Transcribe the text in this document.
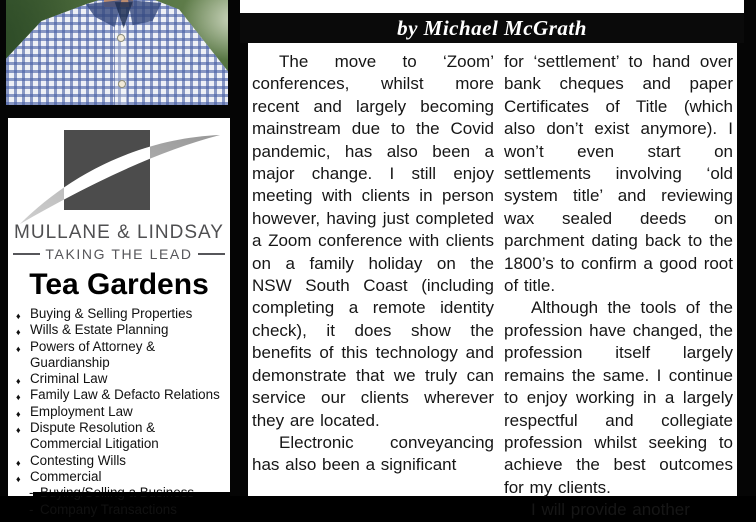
MULLANE & LINDSAY
TAKING THE LEAD
Tea Gardens
♦ Buying & Selling Properties
♦ Wills & Estate Planning
♦ Powers of Attorney & Guardianship
♦ Criminal Law
♦ Family Law & Defacto Relations
♦ Employment Law
♦ Dispute Resolution & Commercial Litigation
♦ Contesting Wills
♦ Commercial
-
- Company Transactions
by Michael McGrath

The move to ‘Zoom’ conferences, whilst more recent and largely becoming mainstream due to the Covid pandemic, has also been a major change. I still enjoy meeting with clients in person however, having just completed a Zoom conference with clients on a family holiday on the NSW South Coast (including completing a remote identity check), it does show the benefits of this technology and demonstrate that we truly can service our clients wherever they are located.

Electronic conveyancing has also been a significant

for ‘settlement’ to hand over bank cheques and paper Certificates of Title (which also don’t exist anymore). I won’t even start on settlements involving ‘old system title’ and reviewing wax sealed deeds on parchment dating back to the 1800’s to confirm a good root of title.

Although the tools of the profession have changed, the profession itself largely remains the same. I continue to enjoy working in a largely respectful and collegiate profession whilst seeking to achieve the best outcomes for my clients.

I will provide another
